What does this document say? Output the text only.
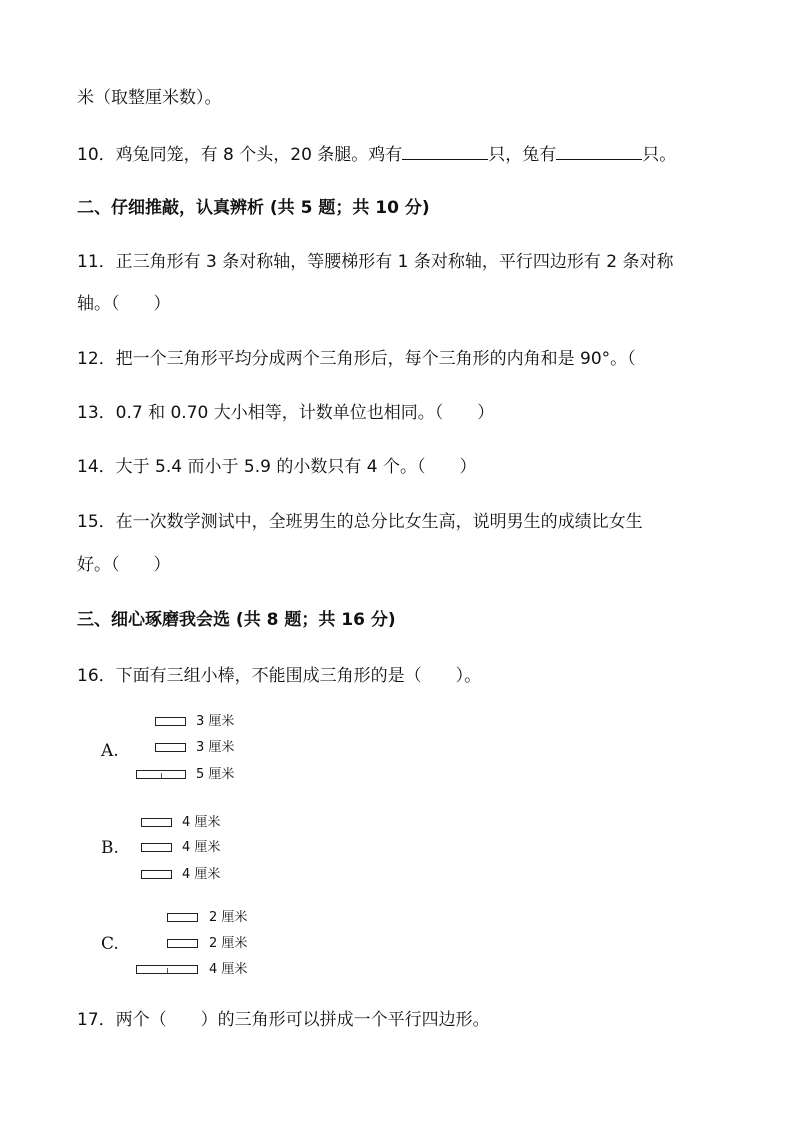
米（取整厘米数）。
10．鸡兔同笼，有 8 个头，20 条腿。鸡有	只，兔有	只。
二、仔细推敲，认真辨析 (共 5 题；共 10 分)
11．正三角形有 3 条对称轴，等腰梯形有 1 条对称轴，平行四边形有 2 条对称
轴。（　　）
12．把一个三角形平均分成两个三角形后，每个三角形的内角和是 90°。（
13．0.7 和 0.70 大小相等，计数单位也相同。（　　）
14．大于 5.4 而小于 5.9 的小数只有 4 个。（　　）
15．在一次数学测试中，全班男生的总分比女生高，说明男生的成绩比女生
好。（　　）
三、细心琢磨我会选 (共 8 题；共 16 分)
16．下面有三组小棒，不能围成三角形的是（　　）。
A.
3 厘米
3 厘米
5 厘米
B.
4 厘米
4 厘米
4 厘米
C.
2 厘米
2 厘米
4 厘米
17．两个（　　）的三角形可以拼成一个平行四边形。
